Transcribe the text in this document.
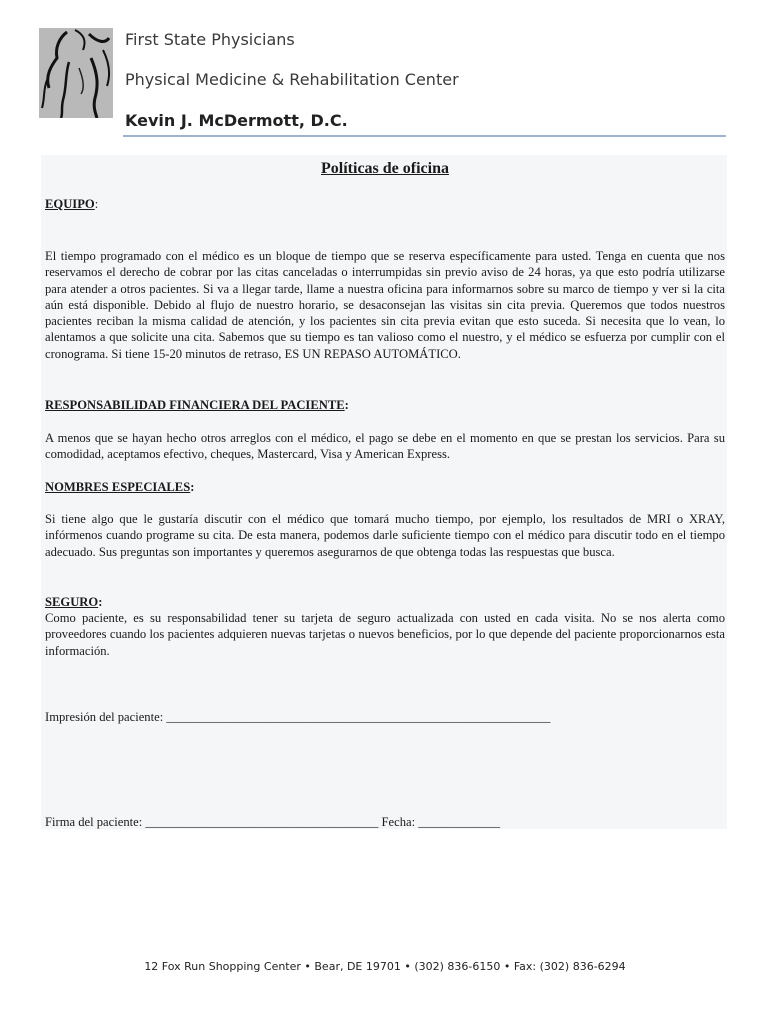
First State Physicians
Physical Medicine & Rehabilitation Center
Kevin J. McDermott, D.C.
Políticas de oficina
EQUIPO:
El tiempo programado con el médico es un bloque de tiempo que se reserva específicamente para usted. Tenga en cuenta que nos reservamos el derecho de cobrar por las citas canceladas o interrumpidas sin previo aviso de 24 horas, ya que esto podría utilizarse para atender a otros pacientes. Si va a llegar tarde, llame a nuestra oficina para informarnos sobre su marco de tiempo y ver si la cita aún está disponible. Debido al flujo de nuestro horario, se desaconsejan las visitas sin cita previa. Queremos que todos nuestros pacientes reciban la misma calidad de atención, y los pacientes sin cita previa evitan que esto suceda. Si necesita que lo vean, lo alentamos a que solicite una cita. Sabemos que su tiempo es tan valioso como el nuestro, y el médico se esfuerza por cumplir con el cronograma. Si tiene 15-20 minutos de retraso, ES UN REPASO AUTOMÁTICO.
RESPONSABILIDAD FINANCIERA DEL PACIENTE:
A menos que se hayan hecho otros arreglos con el médico, el pago se debe en el momento en que se prestan los servicios. Para su comodidad, aceptamos efectivo, cheques, Mastercard, Visa y American Express.
NOMBRES ESPECIALES:
Si tiene algo que le gustaría discutir con el médico que tomará mucho tiempo, por ejemplo, los resultados de MRI o XRAY, infórmenos cuando programe su cita. De esta manera, podemos darle suficiente tiempo con el médico para discutir todo en el tiempo adecuado. Sus preguntas son importantes y queremos asegurarnos de que obtenga todas las respuestas que busca.
SEGURO:
Como paciente, es su responsabilidad tener su tarjeta de seguro actualizada con usted en cada visita. No se nos alerta como proveedores cuando los pacientes adquieren nuevas tarjetas o nuevos beneficios, por lo que depende del paciente proporcionarnos esta información.
Impresión del paciente: _____________________________________________________________
Firma del paciente: _____________________________________ Fecha: _____________
12 Fox Run Shopping Center • Bear, DE 19701 • (302) 836-6150 • Fax: (302) 836-6294
